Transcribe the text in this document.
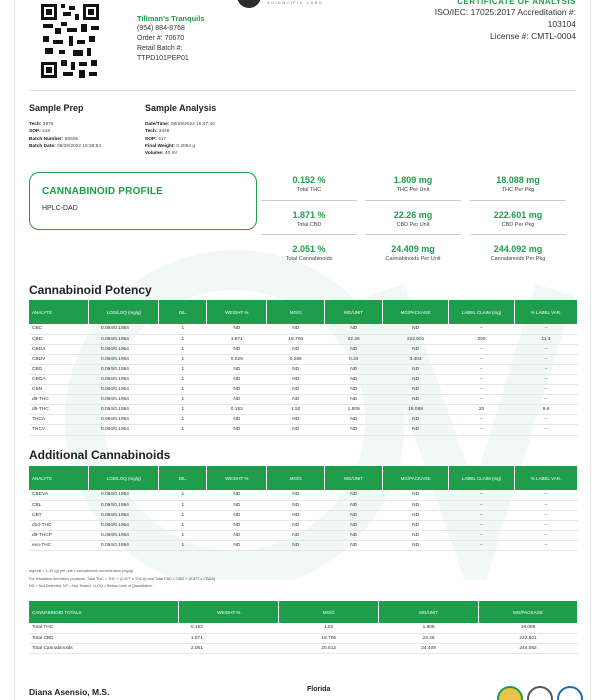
Tillman's Tranquils
(954) 884-8768
Order #: 70670
Retail Batch #:
TTPD101PEP01
SCIENTIFIC LABS	CERTIFICATE OF ANALYSIS
ISO/IEC: 17025:2017 Accreditation #:
103104
License #: CMTL-0004
Sample Prep
Tech: 3976
SOP: 418
Batch Number: 55506
Batch Date: 08/26/2022 16:38:54
Sample Analysis
Date/Time: 08/29/2022 15:47:40
Tech: 3445
SOP: 417
Final Weight: 0.2084 g
Volume: 40 ml
CANNABINOID PROFILE
HPLC-DAD
0.152 %
Total THC
1.809 mg
THC Per Unit
18.088 mg
THC Per Pkg
1.871 %
Total CBD
22.26 mg
CBD Per Unit
222.601 mg
CBD Per Pkg
2.051 %
Total Cannabinoids
24.409 mg
Cannabinoids Per Unit
244.092 mg
Cannabinoids Per Pkg
Cannabinoid Potency
ANALYTE	LOD/LOQ (mg/g)	DIL.	WEIGHT %	MG/G	MG/UNIT	MG/PACKAGE	LABEL CLAIM (mg)	% LABEL VAR.
CBC	0.064/0.1954	1	ND	ND	ND	ND	--	--
CBD	0.064/0.1954	1	1.871	18.706	22.26	222.601	200	11.3
CBDA	0.064/0.1954	1	ND	ND	ND	ND	--	--
CBDV	0.064/0.1954	1	0.029	0.286	0.34	3.403	--	--
CBG	0.064/0.1954	1	ND	ND	ND	ND	--	--
CBGA	0.064/0.1954	1	ND	ND	ND	ND	--	--
CBN	0.064/0.1954	1	ND	ND	ND	ND	--	--
d8-THC	0.064/0.1954	1	ND	ND	ND	ND	--	--
d9-THC	0.064/0.1954	1	0.152	1.52	1.809	18.088	20	9.6
THCA	0.064/0.1954	1	ND	ND	ND	ND	--	--
THCV	0.064/0.1954	1	ND	ND	ND	ND	--	--
Additional Cannabinoids
ANALYTE	LOD/LOQ (mg/g)	DIL.	WEIGHT %	MG/G	MG/UNIT	MG/PACKAGE	LABEL CLAIM (mg)	% LABEL VAR.
CBDVA	0.064/0.1954	1	ND	ND	ND	ND	--	--
CBL	0.064/0.1954	1	ND	ND	ND	ND	--	--
CBT	0.064/0.1954	1	ND	ND	ND	ND	--	--
d10-THC	0.064/0.1954	1	ND	ND	ND	ND	--	--
d9-THCP	0.064/0.1954	1	ND	ND	ND	ND	--	--
exo-THC	0.064/0.1954	1	ND	ND	ND	ND	--	--
mg/unit = 1.19 (g) per unit x cannabinoid concentration (mg/g)
For inhalation derivative products, Total THC = THC + (0.877 x THCA) and Total CBD = CBD + (0.877 x CBDA)
ND = Not Detected, NT = Not Tested, <LOQ = Below Limit of Quantitation
CANNABINOID TOTALS	WEIGHT %	MG/G	MG/UNIT	MG/PACKAGE
Total THC	0.152	1.52	1.809	18.088
Total CBD	1.871	18.706	22.26	222.601
Total Cannabinoids	2.051	20.512	24.409	244.092
Diana Asensio, M.S.	Florida
